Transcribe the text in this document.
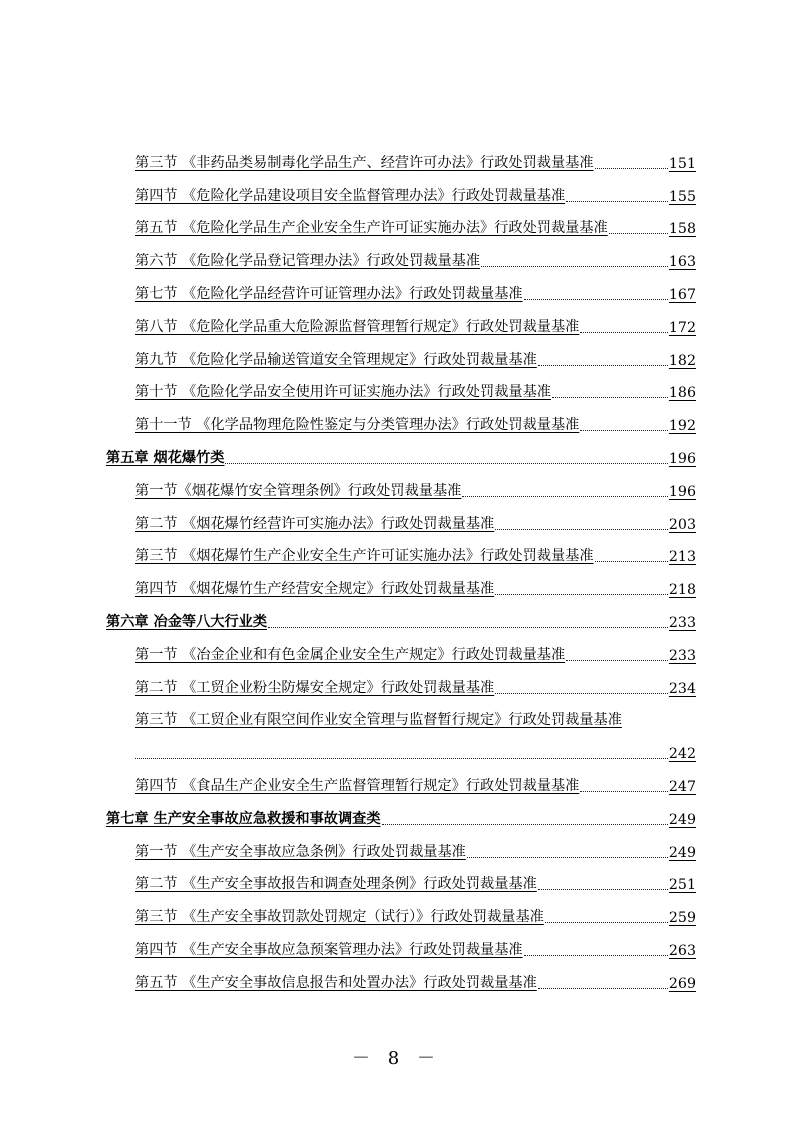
第三节 《非药品类易制毒化学品生产、经营许可办法》行政处罚裁量基准	151
第四节 《危险化学品建设项目安全监督管理办法》行政处罚裁量基准	155
第五节 《危险化学品生产企业安全生产许可证实施办法》行政处罚裁量基准	158
第六节 《危险化学品登记管理办法》行政处罚裁量基准	163
第七节 《危险化学品经营许可证管理办法》行政处罚裁量基准	167
第八节 《危险化学品重大危险源监督管理暂行规定》行政处罚裁量基准	172
第九节 《危险化学品输送管道安全管理规定》行政处罚裁量基准	182
第十节 《危险化学品安全使用许可证实施办法》行政处罚裁量基准	186
第十一节 《化学品物理危险性鉴定与分类管理办法》行政处罚裁量基准	192
第五章 烟花爆竹类	196
第一节《烟花爆竹安全管理条例》行政处罚裁量基准	196
第二节 《烟花爆竹经营许可实施办法》行政处罚裁量基准	203
第三节 《烟花爆竹生产企业安全生产许可证实施办法》行政处罚裁量基准	213
第四节 《烟花爆竹生产经营安全规定》行政处罚裁量基准	218
第六章 冶金等八大行业类	233
第一节 《冶金企业和有色金属企业安全生产规定》行政处罚裁量基准	233
第二节 《工贸企业粉尘防爆安全规定》行政处罚裁量基准	234
第三节 《工贸企业有限空间作业安全管理与监督暂行规定》行政处罚裁量基准
242
第四节 《食品生产企业安全生产监督管理暂行规定》行政处罚裁量基准	247
第七章 生产安全事故应急救援和事故调查类	249
第一节 《生产安全事故应急条例》行政处罚裁量基准	249
第二节 《生产安全事故报告和调查处理条例》行政处罚裁量基准	251
第三节 《生产安全事故罚款处罚规定（试行）》行政处罚裁量基准	259
第四节 《生产安全事故应急预案管理办法》行政处罚裁量基准	263
第五节 《生产安全事故信息报告和处置办法》行政处罚裁量基准	269
－ 8 －
